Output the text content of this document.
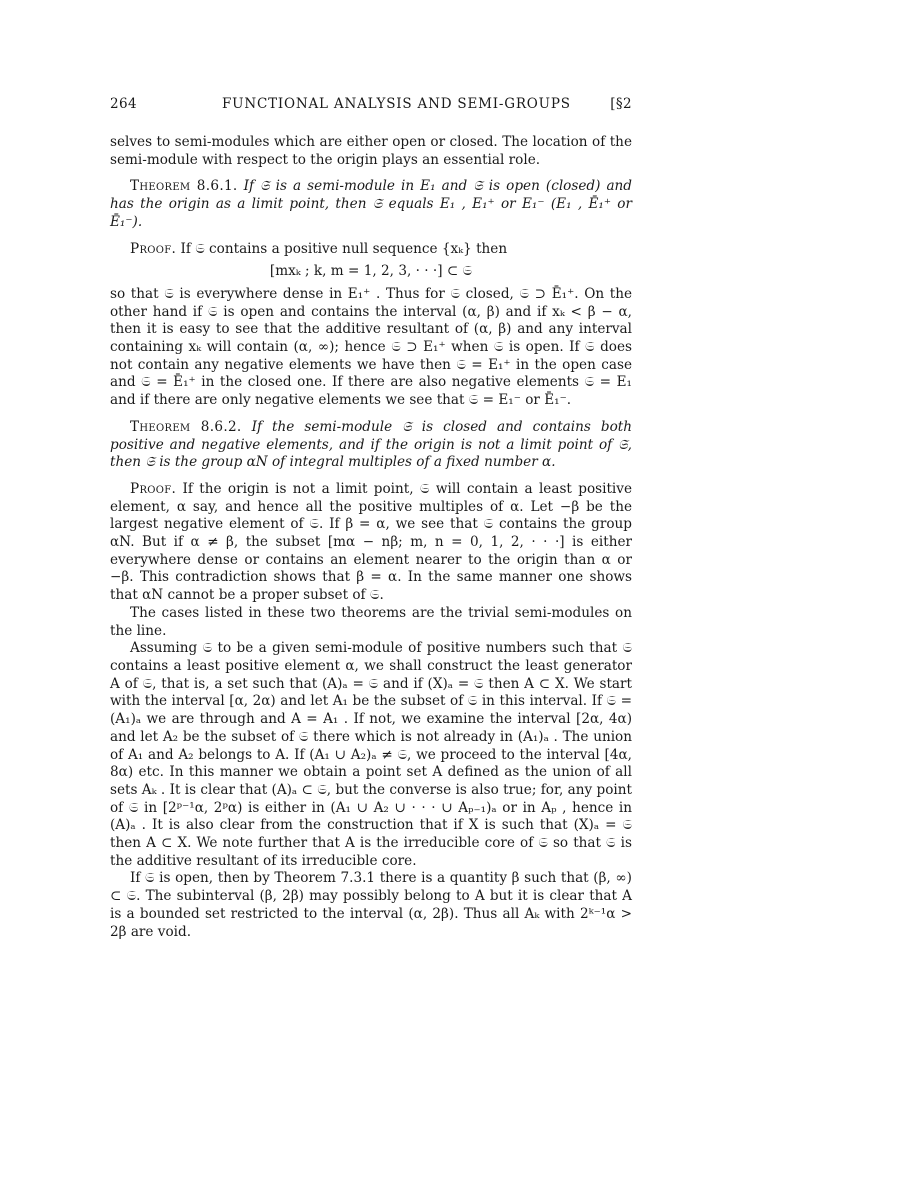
264	FUNCTIONAL ANALYSIS AND SEMI-GROUPS	[§2

selves to semi-modules which are either open or closed. The location of the semi-module with respect to the origin plays an essential role.

Theorem 8.6.1. If 𝔖 is a semi-module in E₁ and 𝔖 is open (closed) and has the origin as a limit point, then 𝔖 equals E₁ , E₁⁺ or E₁⁻ (E₁ , Ē₁⁺ or Ē₁⁻).

Proof. If 𝔖 contains a positive null sequence {xₖ} then

[mxₖ ; k, m = 1, 2, 3, · · ·] ⊂ 𝔖

so that 𝔖 is everywhere dense in E₁⁺ . Thus for 𝔖 closed, 𝔖 ⊃ Ē₁⁺. On the other hand if 𝔖 is open and contains the interval (α, β) and if xₖ < β − α, then it is easy to see that the additive resultant of (α, β) and any interval containing xₖ will contain (α, ∞); hence 𝔖 ⊃ E₁⁺ when 𝔖 is open. If 𝔖 does not contain any negative elements we have then 𝔖 = E₁⁺ in the open case and 𝔖 = Ē₁⁺ in the closed one. If there are also negative elements 𝔖 = E₁ and if there are only negative elements we see that 𝔖 = E₁⁻ or Ē₁⁻.

Theorem 8.6.2. If the semi-module 𝔖 is closed and contains both positive and negative elements, and if the origin is not a limit point of 𝔖, then 𝔖 is the group αN of integral multiples of a fixed number α.

Proof. If the origin is not a limit point, 𝔖 will contain a least positive element, α say, and hence all the positive multiples of α. Let −β be the largest negative element of 𝔖. If β = α, we see that 𝔖 contains the group αN. But if α ≠ β, the subset [mα − nβ; m, n = 0, 1, 2, · · ·] is either everywhere dense or contains an element nearer to the origin than α or −β. This contradiction shows that β = α. In the same manner one shows that αN cannot be a proper subset of 𝔖.

The cases listed in these two theorems are the trivial semi-modules on the line.

Assuming 𝔖 to be a given semi-module of positive numbers such that 𝔖 contains a least positive element α, we shall construct the least generator A of 𝔖, that is, a set such that (A)ₐ = 𝔖 and if (X)ₐ = 𝔖 then A ⊂ X. We start with the interval [α, 2α) and let A₁ be the subset of 𝔖 in this interval. If 𝔖 = (A₁)ₐ we are through and A = A₁ . If not, we examine the interval [2α, 4α) and let A₂ be the subset of 𝔖 there which is not already in (A₁)ₐ . The union of A₁ and A₂ belongs to A. If (A₁ ∪ A₂)ₐ ≠ 𝔖, we proceed to the interval [4α, 8α) etc. In this manner we obtain a point set A defined as the union of all sets Aₖ . It is clear that (A)ₐ ⊂ 𝔖, but the converse is also true; for, any point of 𝔖 in [2ᵖ⁻¹α, 2ᵖα) is either in (A₁ ∪ A₂ ∪ · · · ∪ Aₚ₋₁)ₐ or in Aₚ , hence in (A)ₐ . It is also clear from the construction that if X is such that (X)ₐ = 𝔖 then A ⊂ X. We note further that A is the irreducible core of 𝔖 so that 𝔖 is the additive resultant of its irreducible core.

If 𝔖 is open, then by Theorem 7.3.1 there is a quantity β such that (β, ∞) ⊂ 𝔖. The subinterval (β, 2β) may possibly belong to A but it is clear that A is a bounded set restricted to the interval (α, 2β). Thus all Aₖ with 2ᵏ⁻¹α > 2β are void.
